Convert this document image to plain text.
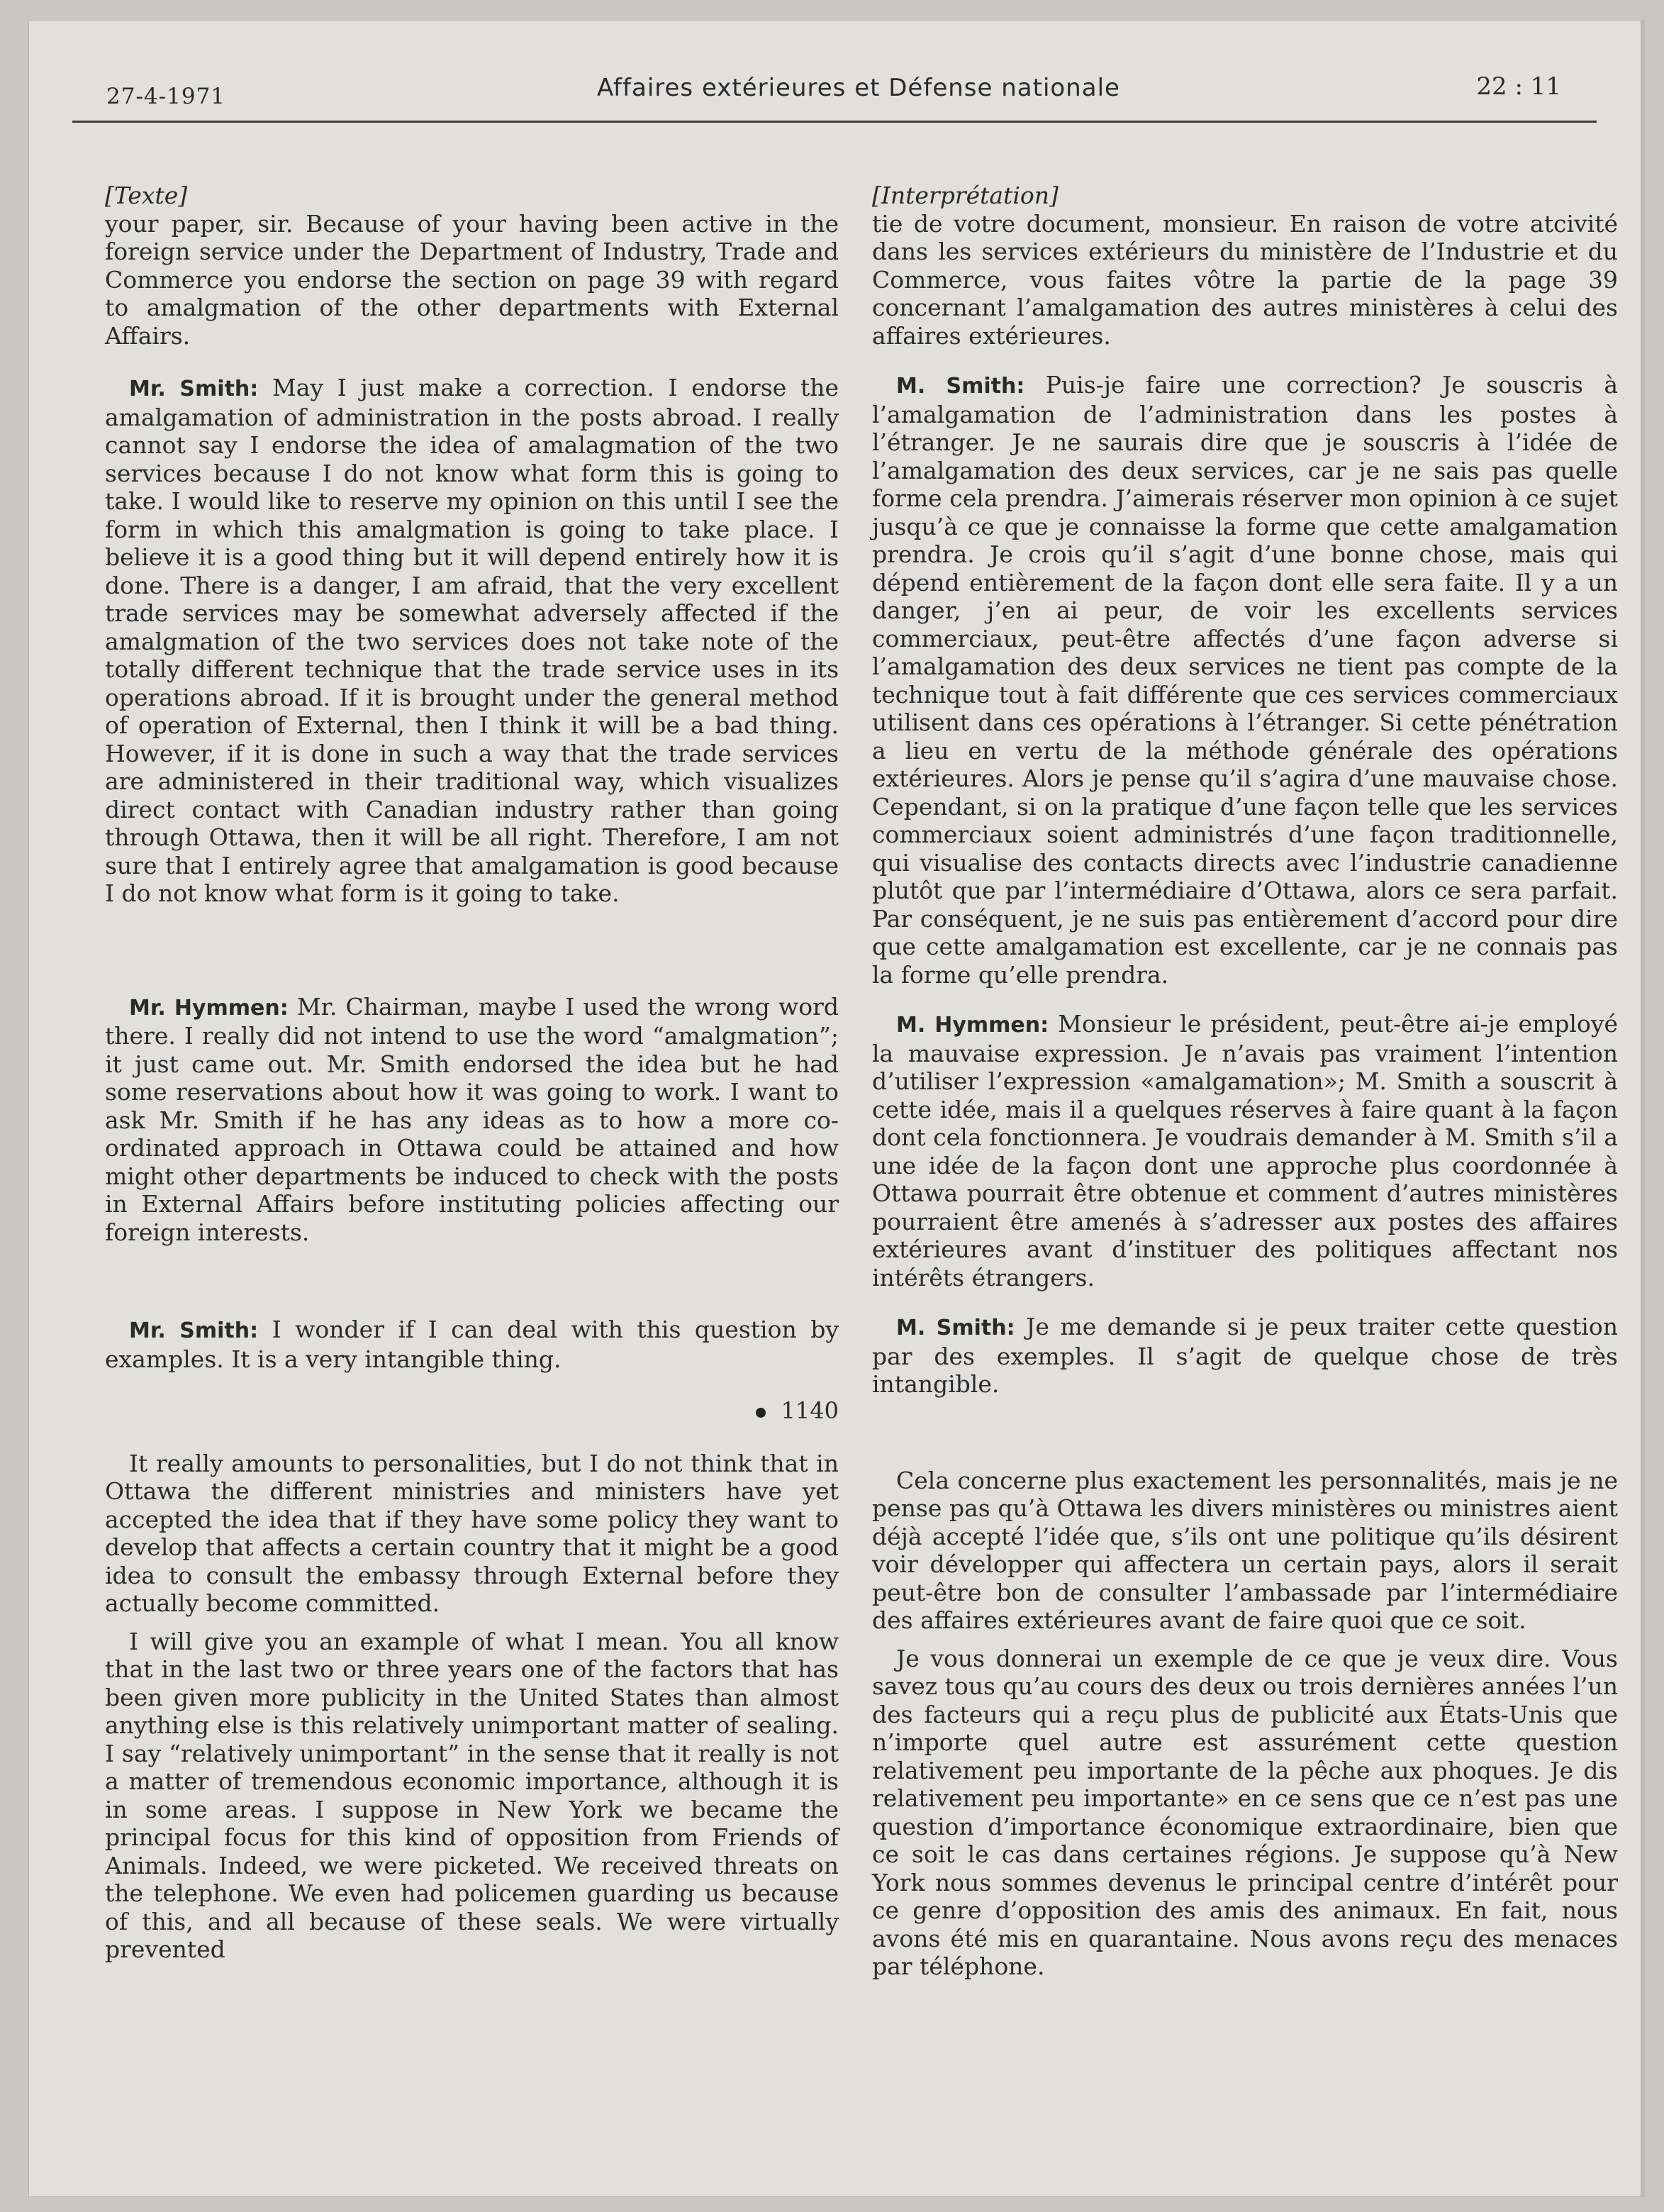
27-4-1971	Affaires extérieures et Défense nationale	22 : 11

[Texte]

your paper, sir. Because of your having been active in the foreign service under the Department of Industry, Trade and Commerce you endorse the section on page 39 with regard to amalgmation of the other departments with External Affairs.

Mr. Smith: May I just make a correction. I endorse the amalgamation of administration in the posts abroad. I really cannot say I endorse the idea of amalagmation of the two services because I do not know what form this is going to take. I would like to reserve my opinion on this until I see the form in which this amalgmation is going to take place. I believe it is a good thing but it will depend entirely how it is done. There is a danger, I am afraid, that the very excellent trade services may be somewhat adversely affected if the amalgmation of the two services does not take note of the totally different technique that the trade service uses in its operations abroad. If it is brought under the general method of operation of External, then I think it will be a bad thing. However, if it is done in such a way that the trade services are administered in their traditional way, which visualizes direct contact with Canadian industry rather than going through Ottawa, then it will be all right. Therefore, I am not sure that I entirely agree that amalgamation is good because I do not know what form is it going to take.

Mr. Hymmen: Mr. Chairman, maybe I used the wrong word there. I really did not intend to use the word “amalgmation”; it just came out. Mr. Smith endorsed the idea but he had some reservations about how it was going to work. I want to ask Mr. Smith if he has any ideas as to how a more co-ordinated approach in Ottawa could be attained and how might other departments be induced to check with the posts in External Affairs before instituting policies affecting our foreign interests.

Mr. Smith: I wonder if I can deal with this question by examples. It is a very intangible thing.

1140

It really amounts to personalities, but I do not think that in Ottawa the different ministries and ministers have yet accepted the idea that if they have some policy they want to develop that affects a certain country that it might be a good idea to consult the embassy through External before they actually become committed.

I will give you an example of what I mean. You all know that in the last two or three years one of the factors that has been given more publicity in the United States than almost anything else is this relatively unimportant matter of sealing. I say “relatively unimportant” in the sense that it really is not a matter of tremendous economic importance, although it is in some areas. I suppose in New York we became the principal focus for this kind of opposition from Friends of Animals. Indeed, we were picketed. We received threats on the telephone. We even had policemen guarding us because of this, and all because of these seals. We were virtually prevented

[Interprétation]

tie de votre document, monsieur. En raison de votre atcivité dans les services extérieurs du ministère de l’Industrie et du Commerce, vous faites vôtre la partie de la page 39 concernant l’amalgamation des autres ministères à celui des affaires extérieures.

M. Smith: Puis-je faire une correction? Je souscris à l’amalgamation de l’administration dans les postes à l’étranger. Je ne saurais dire que je souscris à l’idée de l’amalgamation des deux services, car je ne sais pas quelle forme cela prendra. J’aimerais réserver mon opinion à ce sujet jusqu’à ce que je connaisse la forme que cette amalgamation prendra. Je crois qu’il s’agit d’une bonne chose, mais qui dépend entièrement de la façon dont elle sera faite. Il y a un danger, j’en ai peur, de voir les excellents services commerciaux, peut-être affectés d’une façon adverse si l’amalgamation des deux services ne tient pas compte de la technique tout à fait différente que ces services commerciaux utilisent dans ces opérations à l’étranger. Si cette pénétration a lieu en vertu de la méthode générale des opérations extérieures. Alors je pense qu’il s’agira d’une mauvaise chose. Cependant, si on la pratique d’une façon telle que les services commerciaux soient administrés d’une façon traditionnelle, qui visualise des contacts directs avec l’industrie canadienne plutôt que par l’intermédiaire d’Ottawa, alors ce sera parfait. Par conséquent, je ne suis pas entièrement d’accord pour dire que cette amalgamation est excellente, car je ne connais pas la forme qu’elle prendra.

M. Hymmen: Monsieur le président, peut-être ai-je employé la mauvaise expression. Je n’avais pas vraiment l’intention d’utiliser l’expression «amalgamation»; M. Smith a souscrit à cette idée, mais il a quelques réserves à faire quant à la façon dont cela fonctionnera. Je voudrais demander à M. Smith s’il a une idée de la façon dont une approche plus coordonnée à Ottawa pourrait être obtenue et comment d’autres ministères pourraient être amenés à s’adresser aux postes des affaires extérieures avant d’instituer des politiques affectant nos intérêts étrangers.

M. Smith: Je me demande si je peux traiter cette question par des exemples. Il s’agit de quelque chose de très intangible.

Cela concerne plus exactement les personnalités, mais je ne pense pas qu’à Ottawa les divers ministères ou ministres aient déjà accepté l’idée que, s’ils ont une politique qu’ils désirent voir développer qui affectera un certain pays, alors il serait peut-être bon de consulter l’ambassade par l’intermédiaire des affaires extérieures avant de faire quoi que ce soit.

Je vous donnerai un exemple de ce que je veux dire. Vous savez tous qu’au cours des deux ou trois dernières années l’un des facteurs qui a reçu plus de publicité aux États-Unis que n’importe quel autre est assurément cette question relativement peu importante de la pêche aux phoques. Je dis relativement peu importante» en ce sens que ce n’est pas une question d’importance économique extraordinaire, bien que ce soit le cas dans certaines régions. Je suppose qu’à New York nous sommes devenus le principal centre d’intérêt pour ce genre d’opposition des amis des animaux. En fait, nous avons été mis en quarantaine. Nous avons reçu des menaces par téléphone.
